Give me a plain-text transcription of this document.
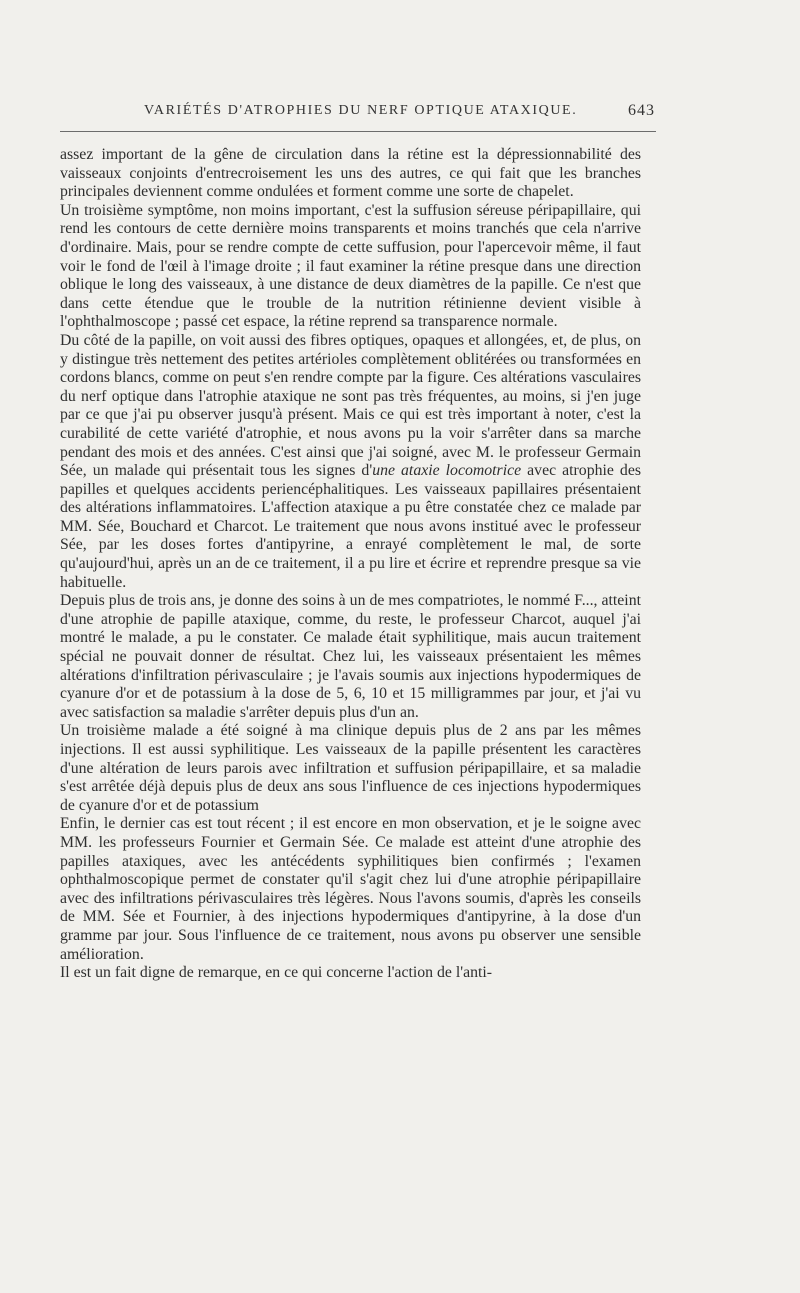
VARIÉTÉS D'ATROPHIES DU NERF OPTIQUE ATAXIQUE.	643

assez important de la gêne de circulation dans la rétine est la dépressionnabilité des vaisseaux conjoints d'entrecroisement les uns des autres, ce qui fait que les branches principales deviennent comme ondulées et forment comme une sorte de chapelet.

Un troisième symptôme, non moins important, c'est la suffusion séreuse péripapillaire, qui rend les contours de cette dernière moins transparents et moins tranchés que cela n'arrive d'ordinaire. Mais, pour se rendre compte de cette suffusion, pour l'apercevoir même, il faut voir le fond de l'œil à l'image droite ; il faut examiner la rétine presque dans une direction oblique le long des vaisseaux, à une distance de deux diamètres de la papille. Ce n'est que dans cette étendue que le trouble de la nutrition rétinienne devient visible à l'ophthalmoscope ; passé cet espace, la rétine reprend sa transparence normale.

Du côté de la papille, on voit aussi des fibres optiques, opaques et allongées, et, de plus, on y distingue très nettement des petites artérioles complètement oblitérées ou transformées en cordons blancs, comme on peut s'en rendre compte par la figure. Ces altérations vasculaires du nerf optique dans l'atrophie ataxique ne sont pas très fréquentes, au moins, si j'en juge par ce que j'ai pu observer jusqu'à présent. Mais ce qui est très important à noter, c'est la curabilité de cette variété d'atrophie, et nous avons pu la voir s'arrêter dans sa marche pendant des mois et des années. C'est ainsi que j'ai soigné, avec M. le professeur Germain Sée, un malade qui présentait tous les signes d'une ataxie locomotrice avec atrophie des papilles et quelques accidents periencéphalitiques. Les vaisseaux papillaires présentaient des altérations inflammatoires. L'affection ataxique a pu être constatée chez ce malade par MM. Sée, Bouchard et Charcot. Le traitement que nous avons institué avec le professeur Sée, par les doses fortes d'antipyrine, a enrayé complètement le mal, de sorte qu'aujourd'hui, après un an de ce traitement, il a pu lire et écrire et reprendre presque sa vie habituelle.

Depuis plus de trois ans, je donne des soins à un de mes compatriotes, le nommé F..., atteint d'une atrophie de papille ataxique, comme, du reste, le professeur Charcot, auquel j'ai montré le malade, a pu le constater. Ce malade était syphilitique, mais aucun traitement spécial ne pouvait donner de résultat. Chez lui, les vaisseaux présentaient les mêmes altérations d'infiltration périvasculaire ; je l'avais soumis aux injections hypodermiques de cyanure d'or et de potassium à la dose de 5, 6, 10 et 15 milligrammes par jour, et j'ai vu avec satisfaction sa maladie s'arrêter depuis plus d'un an.

Un troisième malade a été soigné à ma clinique depuis plus de 2 ans par les mêmes injections. Il est aussi syphilitique. Les vaisseaux de la papille présentent les caractères d'une altération de leurs parois avec infiltration et suffusion péripapillaire, et sa maladie s'est arrêtée déjà depuis plus de deux ans sous l'influence de ces injections hypodermiques de cyanure d'or et de potassium

Enfin, le dernier cas est tout récent ; il est encore en mon observation, et je le soigne avec MM. les professeurs Fournier et Germain Sée. Ce malade est atteint d'une atrophie des papilles ataxiques, avec les antécédents syphilitiques bien confirmés ; l'examen ophthalmoscopique permet de constater qu'il s'agit chez lui d'une atrophie péripapillaire avec des infiltrations périvasculaires très légères. Nous l'avons soumis, d'après les conseils de MM. Sée et Fournier, à des injections hypodermiques d'antipyrine, à la dose d'un gramme par jour. Sous l'influence de ce traitement, nous avons pu observer une sensible amélioration.

Il est un fait digne de remarque, en ce qui concerne l'action de l'anti-
